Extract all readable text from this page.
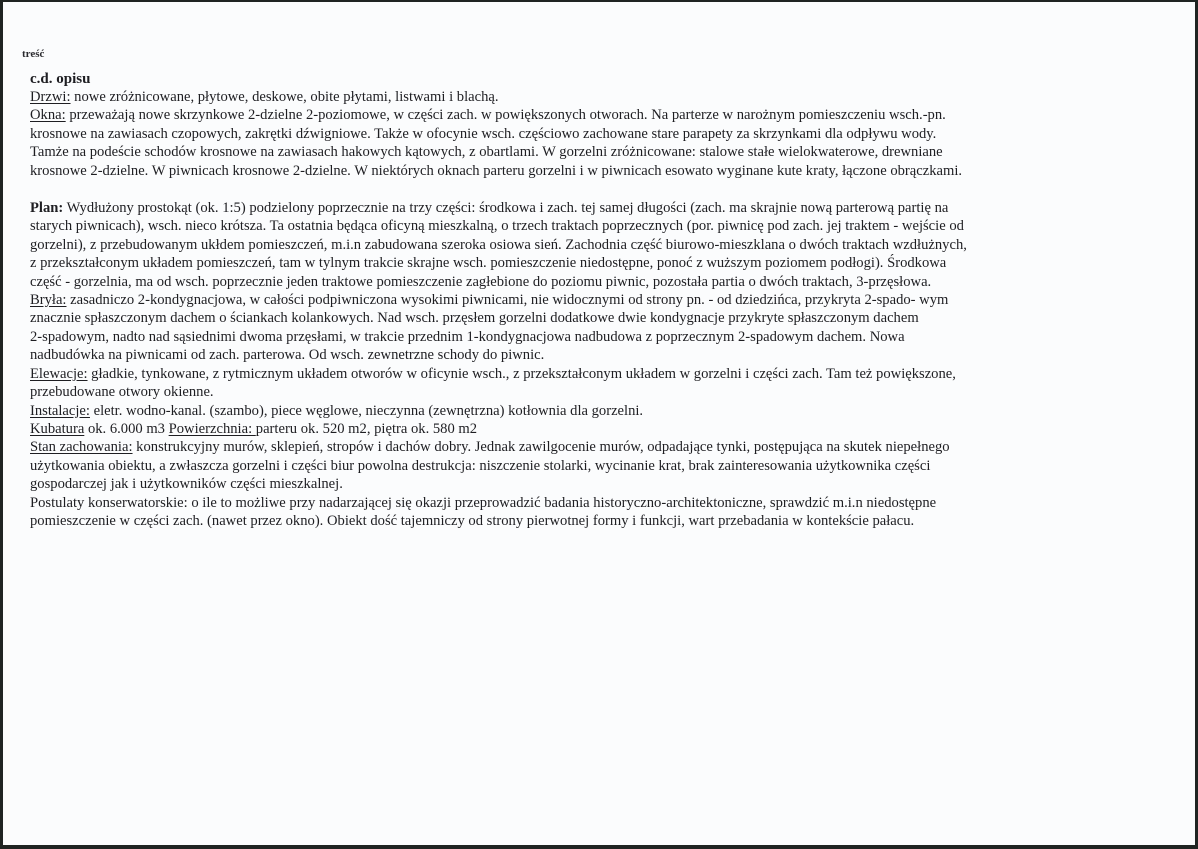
treść

c.d. opisu

Drzwi: nowe zróżnicowane, płytowe, deskowe, obite płytami, listwami i blachą.
Okna: przeważają nowe skrzynkowe 2-dzielne 2-poziomowe, w części zach. w powiększonych otworach. Na parterze w narożnym pomieszczeniu wsch.-pn.
krosnowe na zawiasach czopowych, zakrętki dźwigniowe. Także w ofocynie wsch. częściowo zachowane stare parapety za skrzynkami dla odpływu wody.
Tamże na podeście schodów krosnowe na zawiasach hakowych kątowych, z obartlami. W gorzelni zróżnicowane: stalowe stałe wielokwaterowe, drewniane
krosnowe 2-dzielne. W piwnicach krosnowe 2-dzielne. W niektórych oknach parteru gorzelni i w piwnicach esowato wyginane kute kraty, łączone obrączkami.
Plan: Wydłużony prostokąt (ok. 1:5) podzielony poprzecznie na trzy części: środkowa i zach. tej samej długości (zach. ma skrajnie nową parterową partię na
starych piwnicach), wsch. nieco krótsza. Ta ostatnia będąca oficyną mieszkalną, o trzech traktach poprzecznych (por. piwnicę pod zach. jej traktem - wejście od
gorzelni), z przebudowanym ukłdem pomieszczeń, m.i.n zabudowana szeroka osiowa sień. Zachodnia część biurowo-mieszklana o dwóch traktach wzdłużnych,
z przekształconym układem pomieszczeń, tam w tylnym trakcie skrajne wsch. pomieszczenie niedostępne, ponoć z wuższym poziomem podłogi). Środkowa
część - gorzelnia, ma od wsch. poprzecznie jeden traktowe pomieszczenie zagłebione do poziomu piwnic, pozostała partia o dwóch traktach, 3-przęsłowa.
Bryła: zasadniczo 2-kondygnacjowa, w całości podpiwniczona wysokimi piwnicami, nie widocznymi od strony pn. - od dziedzińca, przykryta 2-spado- wym
znacznie spłaszczonym dachem o ściankach kolankowych. Nad wsch. przęsłem gorzelni dodatkowe dwie kondygnacje przykryte spłaszczonym dachem
2-spadowym, nadto nad sąsiednimi dwoma przęsłami, w trakcie przednim 1-kondygnacjowa nadbudowa z poprzecznym 2-spadowym dachem. Nowa
nadbudówka na piwnicami od zach. parterowa. Od wsch. zewnetrzne schody do piwnic.
Elewacje: gładkie, tynkowane, z rytmicznym układem otworów w oficynie wsch., z przekształconym układem w gorzelni i części zach. Tam też powiększone,
przebudowane otwory okienne.
Instalacje: eletr. wodno-kanal. (szambo), piece węglowe, nieczynna (zewnętrzna) kotłownia dla gorzelni.
Kubatura ok. 6.000 m3 Powierzchnia: parteru ok. 520 m2, piętra ok. 580 m2
Stan zachowania: konstrukcyjny murów, sklepień, stropów i dachów dobry. Jednak zawilgocenie murów, odpadające tynki, postępująca na skutek niepełnego
użytkowania obiektu, a zwłaszcza gorzelni i części biur powolna destrukcja: niszczenie stolarki, wycinanie krat, brak zainteresowania użytkownika części
gospodarczej jak i użytkowników części mieszkalnej.
Postulaty konserwatorskie: o ile to możliwe przy nadarzającej się okazji przeprowadzić badania historyczno-architektoniczne, sprawdzić m.i.n niedostępne
pomieszczenie w części zach. (nawet przez okno). Obiekt dość tajemniczy od strony pierwotnej formy i funkcji, wart przebadania w kontekście pałacu.
